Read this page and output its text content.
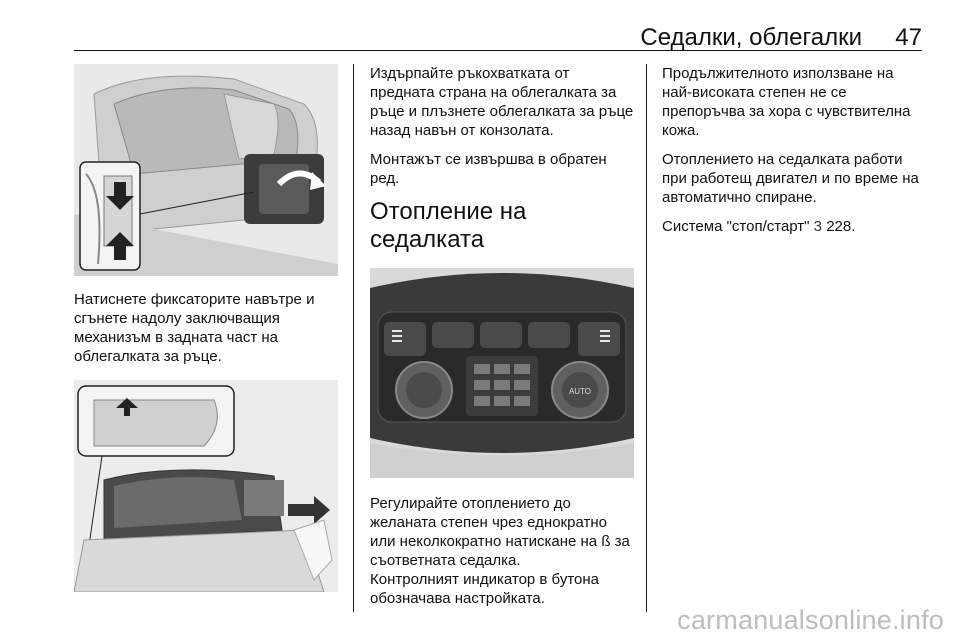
Седалки, облегалки 47

Натиснете фиксаторите навътре и сгънете надолу заключващия механизъм в задната част на облегалката за ръце.

Издърпайте ръкохватката от предната страна на облегалката за ръце и плъзнете облегалката за ръце назад навън от конзолата.

Монтажът се извършва в обратен ред.

Отопление на седалката
AUTO

Регулирайте отоплението до желаната степен чрез еднократно или неколкократно натискане на ß за съответната седалка.

Контролният индикатор в бутона обозначава настройката.

Продължителното използване на най-високата степен не се препоръчва за хора с чувствителна кожа.

Отоплението на седалката работи при работещ двигател и по време на автоматично спиране.

Система "стоп/старт" 3 228.

carmanualsonline.info
